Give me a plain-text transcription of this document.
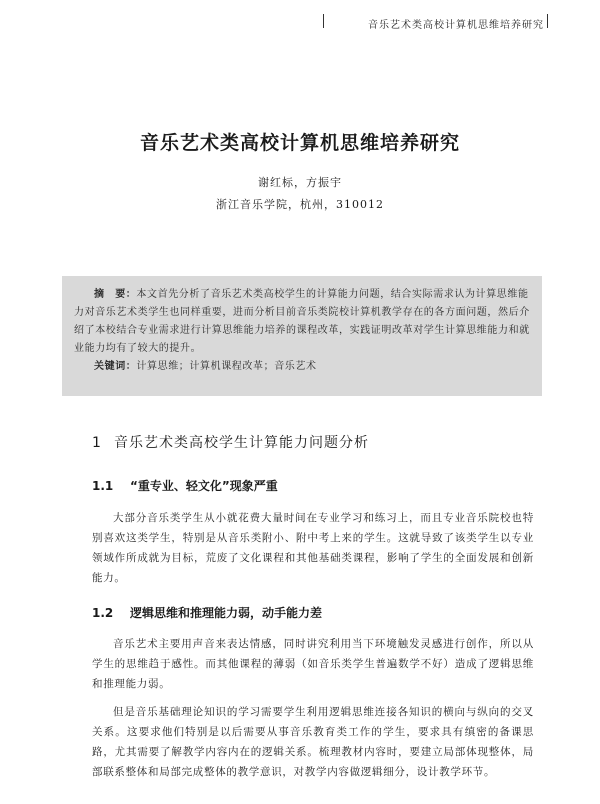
音乐艺术类高校计算机思维培养研究
音乐艺术类高校计算机思维培养研究
谢红标，方振宇
浙江音乐学院，杭州，310012

摘　要：本文首先分析了音乐艺术类高校学生的计算能力问题，结合实际需求认为计算思维能力对音乐艺术类学生也同样重要，进而分析目前音乐类院校计算机教学存在的各方面问题，然后介绍了本校结合专业需求进行计算思维能力培养的课程改革，实践证明改革对学生计算思维能力和就业能力均有了较大的提升。

关键词：计算思维；计算机课程改革；音乐艺术

1 音乐艺术类高校学生计算能力问题分析
1.1 “重专业、轻文化”现象严重

大部分音乐类学生从小就花费大量时间在专业学习和练习上，而且专业音乐院校也特别喜欢这类学生，特别是从音乐类附小、附中考上来的学生。这就导致了该类学生以专业领域作所成就为目标，荒废了文化课程和其他基础类课程，影响了学生的全面发展和创新能力。

1.2 逻辑思维和推理能力弱，动手能力差

音乐艺术主要用声音来表达情感，同时讲究利用当下环境触发灵感进行创作，所以从学生的思维趋于感性。而其他课程的薄弱（如音乐类学生普遍数学不好）造成了逻辑思维和推理能力弱。

但是音乐基础理论知识的学习需要学生利用逻辑思维连接各知识的横向与纵向的交叉关系。这要求他们特别是以后需要从事音乐教育类工作的学生，要求具有缜密的备课思路，尤其需要了解教学内容内在的逻辑关系。梳理教材内容时，要建立局部体现整体，局部联系整体和局部完成整体的教学意识，对教学内容做逻辑细分，设计教学环节。
